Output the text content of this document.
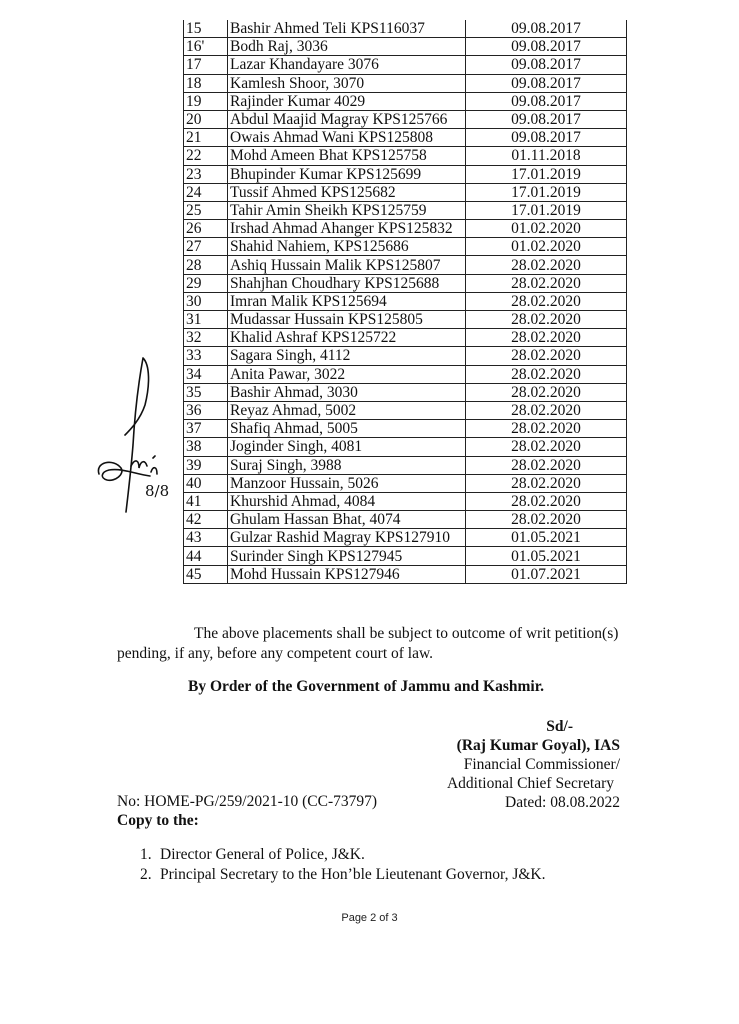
8/8
15	Bashir Ahmed Teli KPS116037	09.08.2017
16'	Bodh Raj, 3036	09.08.2017
17	Lazar Khandayare 3076	09.08.2017
18	Kamlesh Shoor, 3070	09.08.2017
19	Rajinder Kumar 4029	09.08.2017
20	Abdul Maajid Magray KPS125766	09.08.2017
21	Owais Ahmad Wani KPS125808	09.08.2017
22	Mohd Ameen Bhat KPS125758	01.11.2018
23	Bhupinder Kumar KPS125699	17.01.2019
24	Tussif Ahmed KPS125682	17.01.2019
25	Tahir Amin Sheikh KPS125759	17.01.2019
26	Irshad Ahmad Ahanger KPS125832	01.02.2020
27	Shahid Nahiem, KPS125686	01.02.2020
28	Ashiq Hussain Malik KPS125807	28.02.2020
29	Shahjhan Choudhary KPS125688	28.02.2020
30	Imran Malik KPS125694	28.02.2020
31	Mudassar Hussain KPS125805	28.02.2020
32	Khalid Ashraf KPS125722	28.02.2020
33	Sagara Singh, 4112	28.02.2020
34	Anita Pawar, 3022	28.02.2020
35	Bashir Ahmad, 3030	28.02.2020
36	Reyaz Ahmad, 5002	28.02.2020
37	Shafiq Ahmad, 5005	28.02.2020
38	Joginder Singh, 4081	28.02.2020
39	Suraj Singh, 3988	28.02.2020
40	Manzoor Hussain, 5026	28.02.2020
41	Khurshid Ahmad, 4084	28.02.2020
42	Ghulam Hassan Bhat, 4074	28.02.2020
43	Gulzar Rashid Magray KPS127910	01.05.2021
44	Surinder Singh KPS127945	01.05.2021
45	Mohd Hussain KPS127946	01.07.2021
The above placements shall be subject to outcome of writ petition(s)
pending, if any, before any competent court of law.
By Order of the Government of Jammu and Kashmir.
Sd/-
(Raj Kumar Goyal), IAS
Financial Commissioner/
Additional Chief Secretary
Dated: 08.08.2022
No: HOME-PG/259/2021-10 (CC-73797)
Copy to the:
1. Director General of Police, J&K.
2. Principal Secretary to the Hon’ble Lieutenant Governor, J&K.
Page 2 of 3
